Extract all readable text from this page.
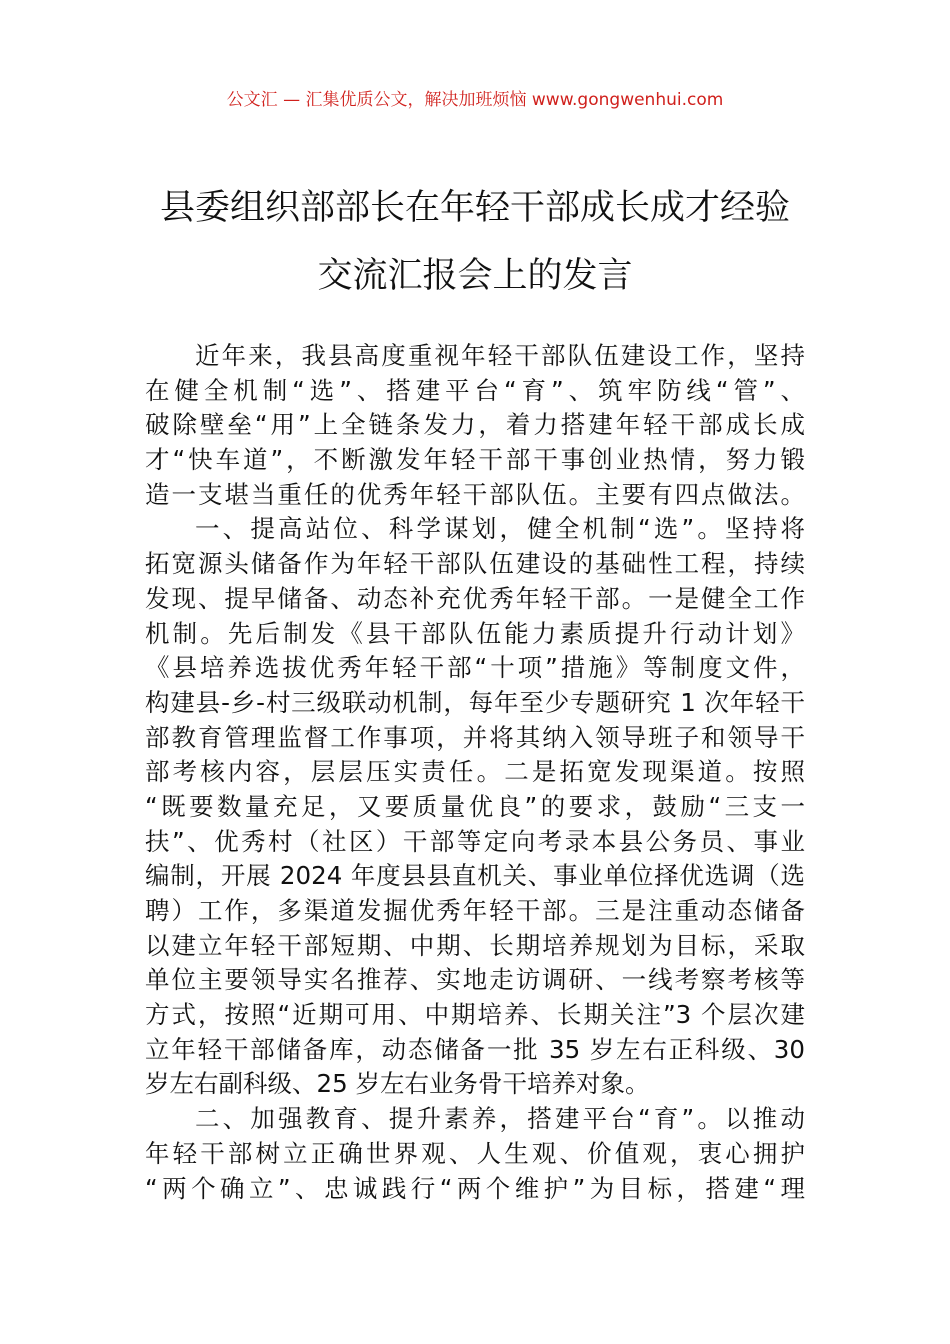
公文汇 — 汇集优质公文，解决加班烦恼 www.gongwenhui.com
县委组织部部长在年轻干部成长成才经验
交流汇报会上的发言
近年来，我县高度重视年轻干部队伍建设工作，坚持
在健全机制“选”、搭建平台“育”、筑牢防线“管”、
破除壁垒“用”上全链条发力，着力搭建年轻干部成长成
才“快车道”，不断激发年轻干部干事创业热情，努力锻
造一支堪当重任的优秀年轻干部队伍。主要有四点做法。
一、提高站位、科学谋划，健全机制“选”。坚持将
拓宽源头储备作为年轻干部队伍建设的基础性工程，持续
发现、提早储备、动态补充优秀年轻干部。一是健全工作
机制。先后制发《县干部队伍能力素质提升行动计划》
《县培养选拔优秀年轻干部“十项”措施》等制度文件，
构建县-乡-村三级联动机制，每年至少专题研究 1 次年轻干
部教育管理监督工作事项，并将其纳入领导班子和领导干
部考核内容，层层压实责任。二是拓宽发现渠道。按照
“既要数量充足，又要质量优良”的要求，鼓励“三支一
扶”、优秀村（社区）干部等定向考录本县公务员、事业
编制，开展 2024 年度县县直机关、事业单位择优选调（选
聘）工作，多渠道发掘优秀年轻干部。三是注重动态储备
以建立年轻干部短期、中期、长期培养规划为目标，采取
单位主要领导实名推荐、实地走访调研、一线考察考核等
方式，按照“近期可用、中期培养、长期关注”3 个层次建
立年轻干部储备库，动态储备一批 35 岁左右正科级、30
岁左右副科级、25 岁左右业务骨干培养对象。
二、加强教育、提升素养，搭建平台“育”。以推动
年轻干部树立正确世界观、人生观、价值观，衷心拥护
“两个确立”、忠诚践行“两个维护”为目标，搭建“理
